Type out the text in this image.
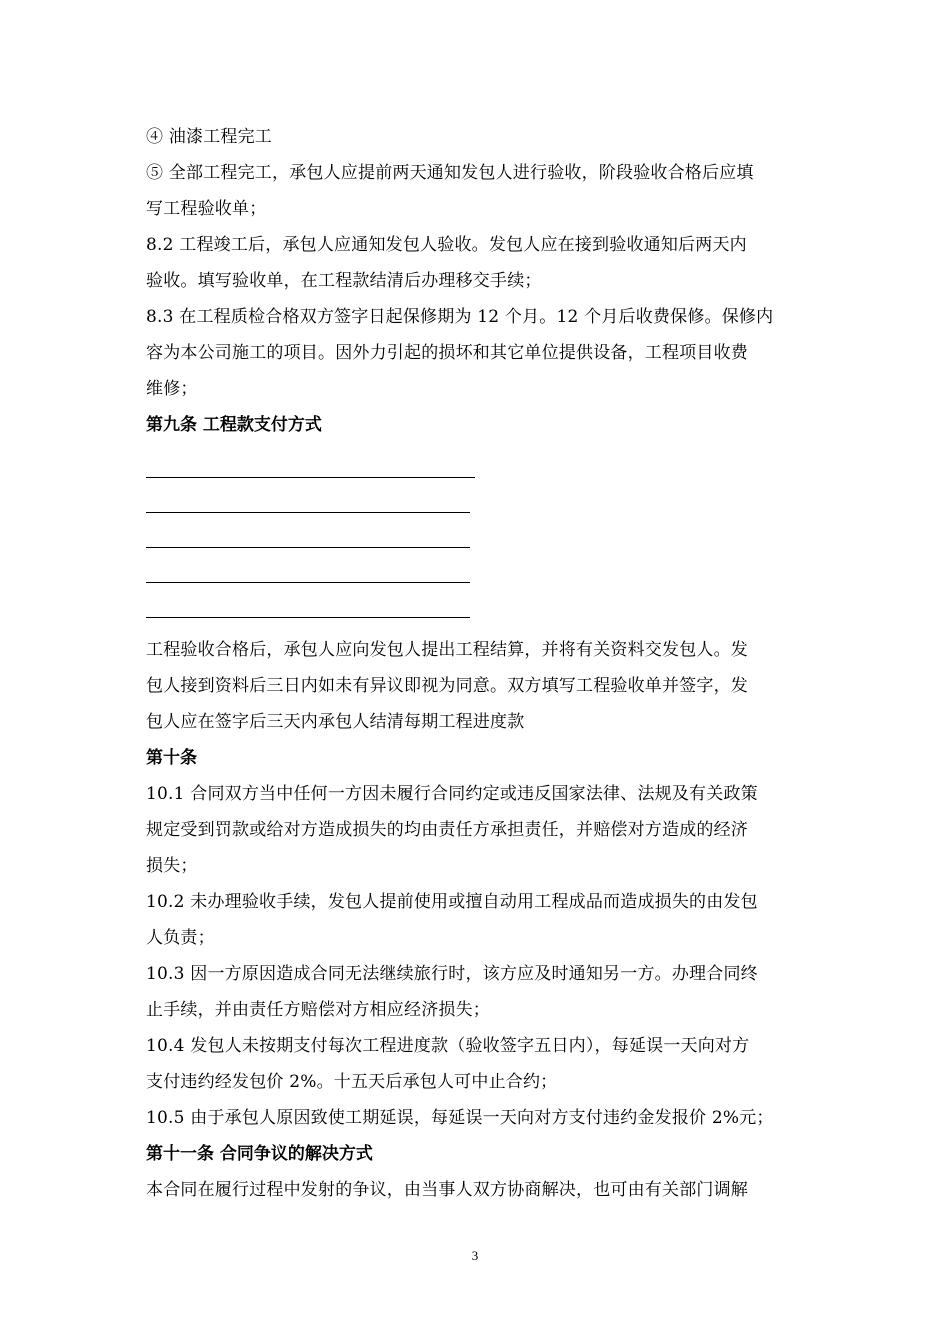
④ 油漆工程完工
⑤ 全部工程完工，承包人应提前两天通知发包人进行验收，阶段验收合格后应填
写工程验收单；
8.2 工程竣工后，承包人应通知发包人验收。发包人应在接到验收通知后两天内
验收。填写验收单，在工程款结清后办理移交手续；
8.3 在工程质检合格双方签字日起保修期为 12 个月。12 个月后收费保修。保修内
容为本公司施工的项目。因外力引起的损坏和其它单位提供设备，工程项目收费
维修；
第九条 工程款支付方式
工程验收合格后，承包人应向发包人提出工程结算，并将有关资料交发包人。发
包人接到资料后三日内如未有异议即视为同意。双方填写工程验收单并签字，发
包人应在签字后三天内承包人结清每期工程进度款
第十条
10.1 合同双方当中任何一方因未履行合同约定或违反国家法律、法规及有关政策
规定受到罚款或给对方造成损失的均由责任方承担责任，并赔偿对方造成的经济
损失；
10.2 未办理验收手续，发包人提前使用或擅自动用工程成品而造成损失的由发包
人负责；
10.3 因一方原因造成合同无法继续旅行时，该方应及时通知另一方。办理合同终
止手续，并由责任方赔偿对方相应经济损失；
10.4 发包人未按期支付每次工程进度款（验收签字五日内），每延误一天向对方
支付违约经发包价 2%。十五天后承包人可中止合约；
10.5 由于承包人原因致使工期延误，每延误一天向对方支付违约金发报价 2%元；
第十一条 合同争议的解决方式
本合同在履行过程中发射的争议，由当事人双方协商解决，也可由有关部门调解
3
